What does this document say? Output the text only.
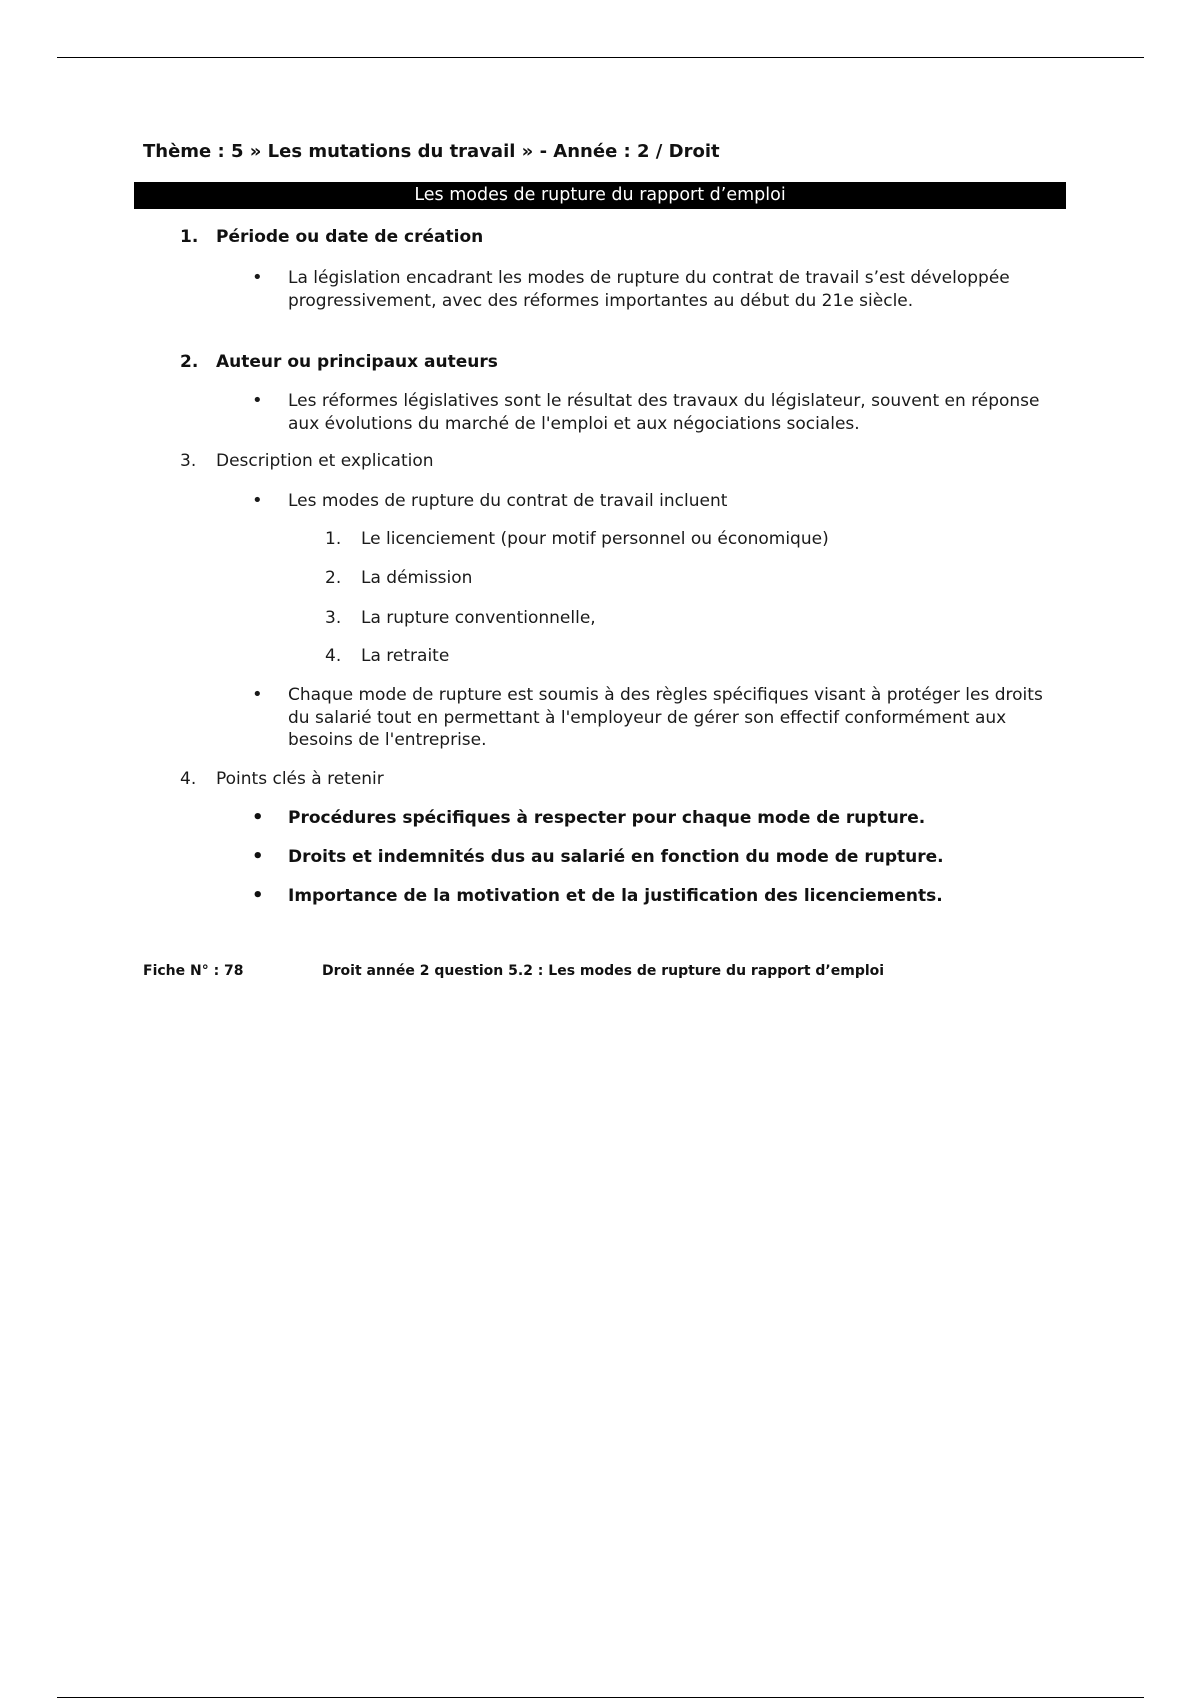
Thème : 5 » Les mutations du travail » - Année : 2 / Droit
Les modes de rupture du rapport d’emploi
1. Période ou date de création
• La législation encadrant les modes de rupture du contrat de travail s’est développée progressivement, avec des réformes importantes au début du 21e siècle.
2. Auteur ou principaux auteurs
• Les réformes législatives sont le résultat des travaux du législateur, souvent en réponse aux évolutions du marché de l'emploi et aux négociations sociales.
3. Description et explication
• Les modes de rupture du contrat de travail incluent
1. Le licenciement (pour motif personnel ou économique)
2. La démission
3. La rupture conventionnelle,
4. La retraite
• Chaque mode de rupture est soumis à des règles spécifiques visant à protéger les droits du salarié tout en permettant à l'employeur de gérer son effectif conformément aux besoins de l'entreprise.
4. Points clés à retenir
• Procédures spécifiques à respecter pour chaque mode de rupture.
• Droits et indemnités dus au salarié en fonction du mode de rupture.
• Importance de la motivation et de la justification des licenciements.
Fiche N° : 78	Droit année 2 question 5.2 : Les modes de rupture du rapport d’emploi
